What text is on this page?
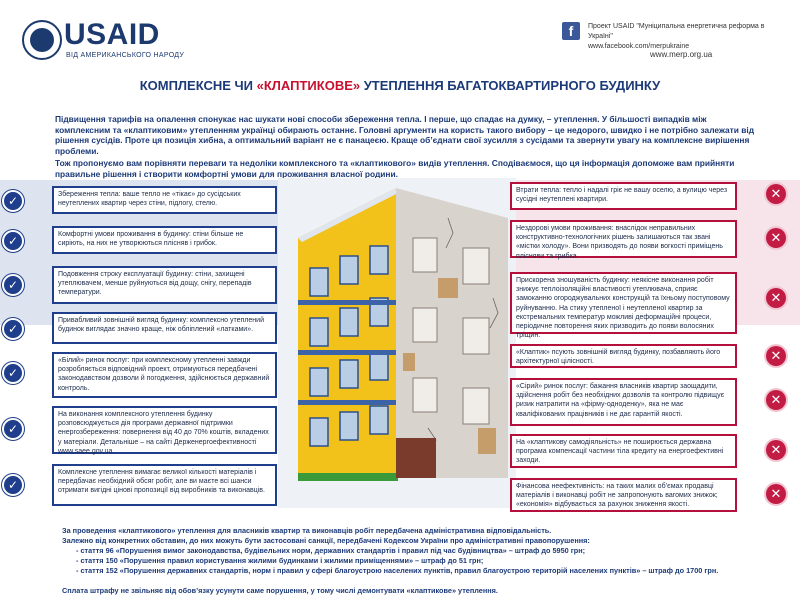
USAID
ВІД АМЕРИКАНСЬКОГО НАРОДУ
f	Проект USAID "Муніципальна енергетична реформа в Україні"
www.facebook.com/merpukraine
www.merp.org.ua
КОМПЛЕКСНЕ ЧИ «КЛАПТИКОВЕ» УТЕПЛЕННЯ БАГАТОКВАРТИРНОГО БУДИНКУ
Підвищення тарифів на опалення спонукає нас шукати нові способи збереження тепла. І перше, що спадає на думку, – утеплення. У більшості випадків між комплексним та «клаптиковим» утепленням українці обирають останнє. Головні аргументи на користь такого вибору – це недорого, швидко і не потрібно залежати від рішення сусідів. Проте ця позиція хибна, а оптимальний варіант не є панацеєю. Краще об’єднати свої зусилля з сусідами та звернути увагу на комплексне вирішення проблеми.
Тож пропонуємо вам порівняти переваги та недоліки комплексного та «клаптикового» видів утеплення. Сподіваємося, що ця інформація допоможе вам прийняти правильне рішення і створити комфортні умови для проживання власної родини.
✓	Збереження тепла: ваше тепло не «тікає» до сусідських неутеплених квартир через стіни, підлогу, стелю.
✓	Комфортні умови проживання в будинку: стіни більше не сиріють, на них не утворюються плісняв і грибок.
✓
Подовження строку експлуатації будинку: стіни, захищені утеплювачем, менше руйнуються від дощу, снігу, перепадів температури.
✓
Привабливий зовнішній вигляд будинку: комплексно утеплений будинок виглядає значно краще, ніж обліплений «латками».
✓
«Білий» ринок послуг: при комплексному утепленні завжди розробляється відповідний проект, отримуються передбачені законодавством дозволи й погодження, здійснюється державний контроль.
✓
На виконання комплексного утеплення будинку розповсюджується дія програми державної підтримки енергозбереження: повернення від 40 до 70% коштів, вкладених у матеріали. Детальніше – на сайті Держенергоефективності www.saee.gov.ua.
✓
Комплексне утеплення вимагає великої кількості матеріалів і передбачає необхідний обсяг робіт, але ви маєте всі шанси отримати вигідні цінові пропозиції від виробників та виконавців.
Втрати тепла: тепло і надалі гріє не вашу оселю, а вулицю через сусідні неутеплені квартири.	✕
Нездорові умови проживання: внаслідок неправильних конструктивно-технологічних рішень залишаються так звані «містки холоду». Вони призводять до появи вогкості приміщень плісняви та грибка.
✕
Прискорена зношуваність будинку: неякісне виконання робіт знижує теплоізоляційні властивості утеплювача, сприяє замоканню огороджувальних конструкцій та їхньому поступовому руйнуванню. На стику утепленої і неутепленої квартир за екстремальних температур можливі деформаційні процеси, періодичне повторення яких призводить до появи волосяних тріщин.
✕
«Клаптик» псують зовнішній вигляд будинку, позбавляють його архітектурної цілісності.	✕
«Сірий» ринок послуг: бажання власників квартир заощадити, здійснення робіт без необхідних дозволів та контролю підвищує ризик натрапити на «фірму-одноденку», яка не має кваліфікованих працівників і не дає гарантій якості.
✕
На «клаптикову самодіяльність» не поширюється державна програма компенсації частини тіла кредиту на енергоефективні заходи.
✕
Фінансова неефективність: на таких малих об’ємах продавці матеріалів і виконавці робіт не запропонують вагомих знижок; «економія» відбувається за рахунок зниження якості.
✕
За проведення «клаптикового» утеплення для власників квартир та виконавців робіт передбачена адміністративна відповідальність.
Залежно від конкретних обставин, до них можуть бути застосовані санкції, передбачені Кодексом України про адміністративні правопорушення:
- стаття 96 «Порушення вимог законодавства, будівельних норм, державних стандартів і правил під час будівництва» – штраф до 5950 грн;
- стаття 150 «Порушення правил користування жилими будинками і жилими приміщеннями» – штраф до 51 грн;
- стаття 152 «Порушення державних стандартів, норм і правил у сфері благоустрою населених пунктів, правил благоустрою територій населених пунктів» – штраф до 1700 грн.
Сплата штрафу не звільняє від обов’язку усунути саме порушення, у тому числі демонтувати «клаптикове» утеплення.
